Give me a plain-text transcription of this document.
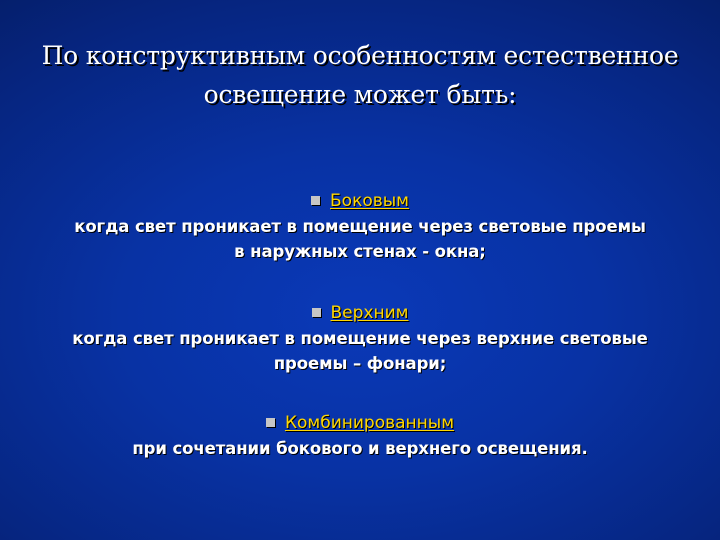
По конструктивным особенностям естественное
освещение может быть:
Боковым
когда свет проникает в помещение через световые проемы
в наружных стенах - окна;
Верхним
когда свет проникает в помещение через верхние световые
проемы – фонари;
Комбинированным
при сочетании бокового и верхнего освещения.
